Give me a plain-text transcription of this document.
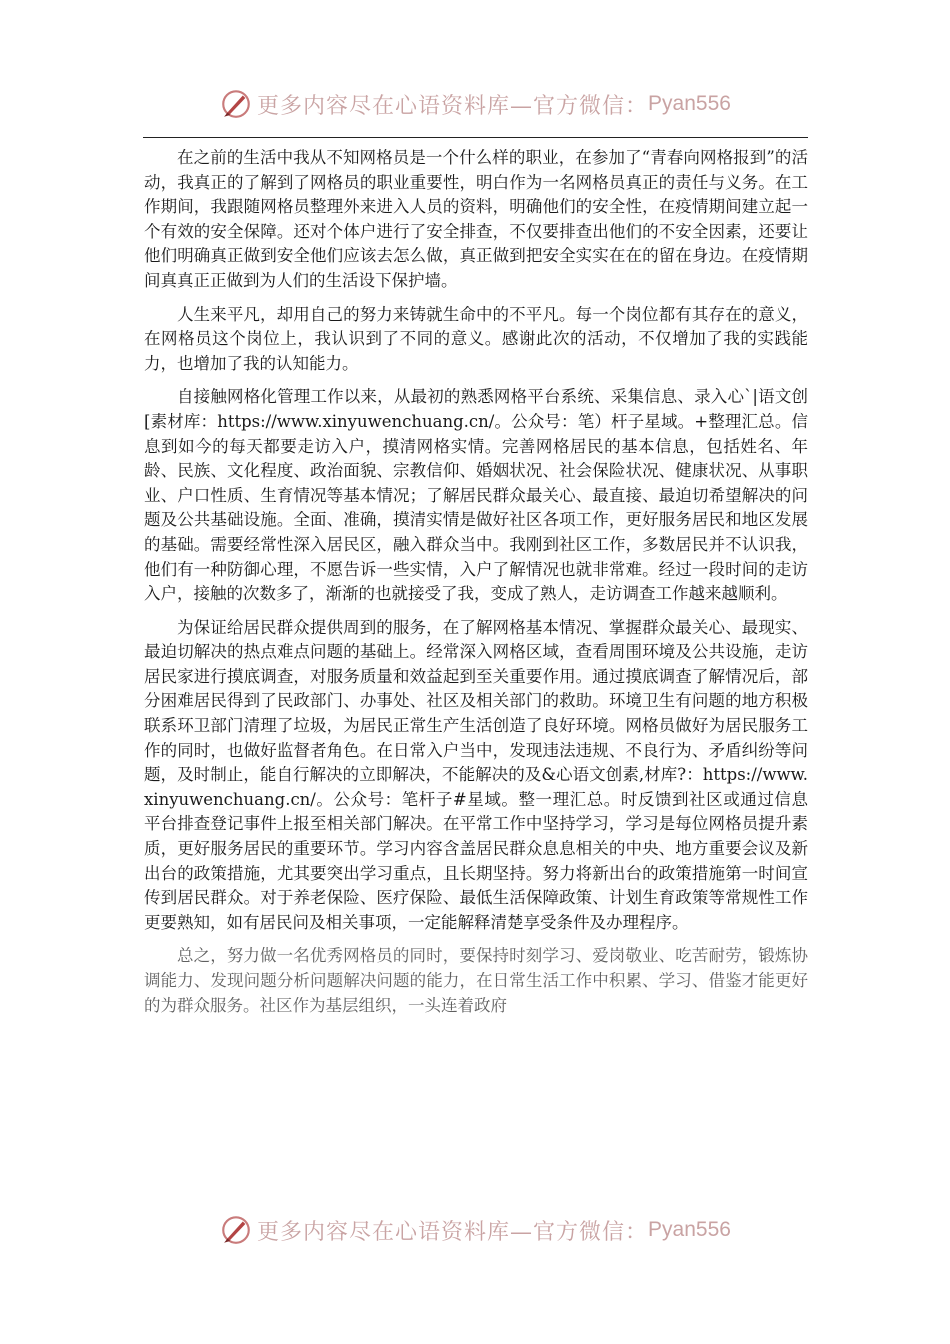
更多内容尽在心语资料库—官方微信： Pyan556

在之前的生活中我从不知网格员是一个什么样的职业，在参加了“青春向网格报到”的活动，我真正的了解到了网格员的职业重要性，明白作为一名网格员真正的责任与义务。在工作期间，我跟随网格员整理外来进入人员的资料，明确他们的安全性，在疫情期间建立起一个有效的安全保障。还对个体户进行了安全排查，不仅要排查出他们的不安全因素，还要让他们明确真正做到安全他们应该去怎么做，真正做到把安全实实在在的留在身边。在疫情期间真真正正做到为人们的生活设下保护墙。

人生来平凡，却用自己的努力来铸就生命中的不平凡。每一个岗位都有其存在的意义，在网格员这个岗位上，我认识到了不同的意义。感谢此次的活动，不仅增加了我的实践能力，也增加了我的认知能力。

自接触网格化管理工作以来，从最初的熟悉网格平台系统、采集信息、录入心`|语文创[素材库：https://www.xinyuwenchuang.cn/。公众号：笔）杆子星域。+整理汇总。信息到如今的每天都要走访入户，摸清网格实情。完善网格居民的基本信息，包括姓名、年龄、民族、文化程度、政治面貌、宗教信仰、婚姻状况、社会保险状况、健康状况、从事职业、户口性质、生育情况等基本情况；了解居民群众最关心、最直接、最迫切希望解决的问题及公共基础设施。全面、准确，摸清实情是做好社区各项工作，更好服务居民和地区发展的基础。需要经常性深入居民区，融入群众当中。我刚到社区工作，多数居民并不认识我，他们有一种防御心理，不愿告诉一些实情，入户了解情况也就非常难。经过一段时间的走访入户，接触的次数多了，渐渐的也就接受了我，变成了熟人，走访调查工作越来越顺利。

为保证给居民群众提供周到的服务，在了解网格基本情况、掌握群众最关心、最现实、最迫切解决的热点难点问题的基础上。经常深入网格区域，查看周围环境及公共设施，走访居民家进行摸底调查，对服务质量和效益起到至关重要作用。通过摸底调查了解情况后，部分困难居民得到了民政部门、办事处、社区及相关部门的救助。环境卫生有问题的地方积极联系环卫部门清理了垃圾，为居民正常生产生活创造了良好环境。网格员做好为居民服务工作的同时，也做好监督者角色。在日常入户当中，发现违法违规、不良行为、矛盾纠纷等问题，及时制止，能自行解决的立即解决，不能解决的及&心语文创素,材库?：https://www.xinyuwenchuang.cn/。公众号：笔杆子#星域。整一理汇总。时反馈到社区或通过信息平台排查登记事件上报至相关部门解决。在平常工作中坚持学习，学习是每位网格员提升素质，更好服务居民的重要环节。学习内容含盖居民群众息息相关的中央、地方重要会议及新出台的政策措施，尤其要突出学习重点，且长期坚持。努力将新出台的政策措施第一时间宣传到居民群众。对于养老保险、医疗保险、最低生活保障政策、计划生育政策等常规性工作更要熟知，如有居民问及相关事项，一定能解释清楚享受条件及办理程序。

总之，努力做一名优秀网格员的同时，要保持时刻学习、爱岗敬业、吃苦耐劳，锻炼协调能力、发现问题分析问题解决问题的能力，在日常生活工作中积累、学习、借鉴才能更好的为群众服务。社区作为基层组织，一头连着政府

更多内容尽在心语资料库—官方微信： Pyan556
